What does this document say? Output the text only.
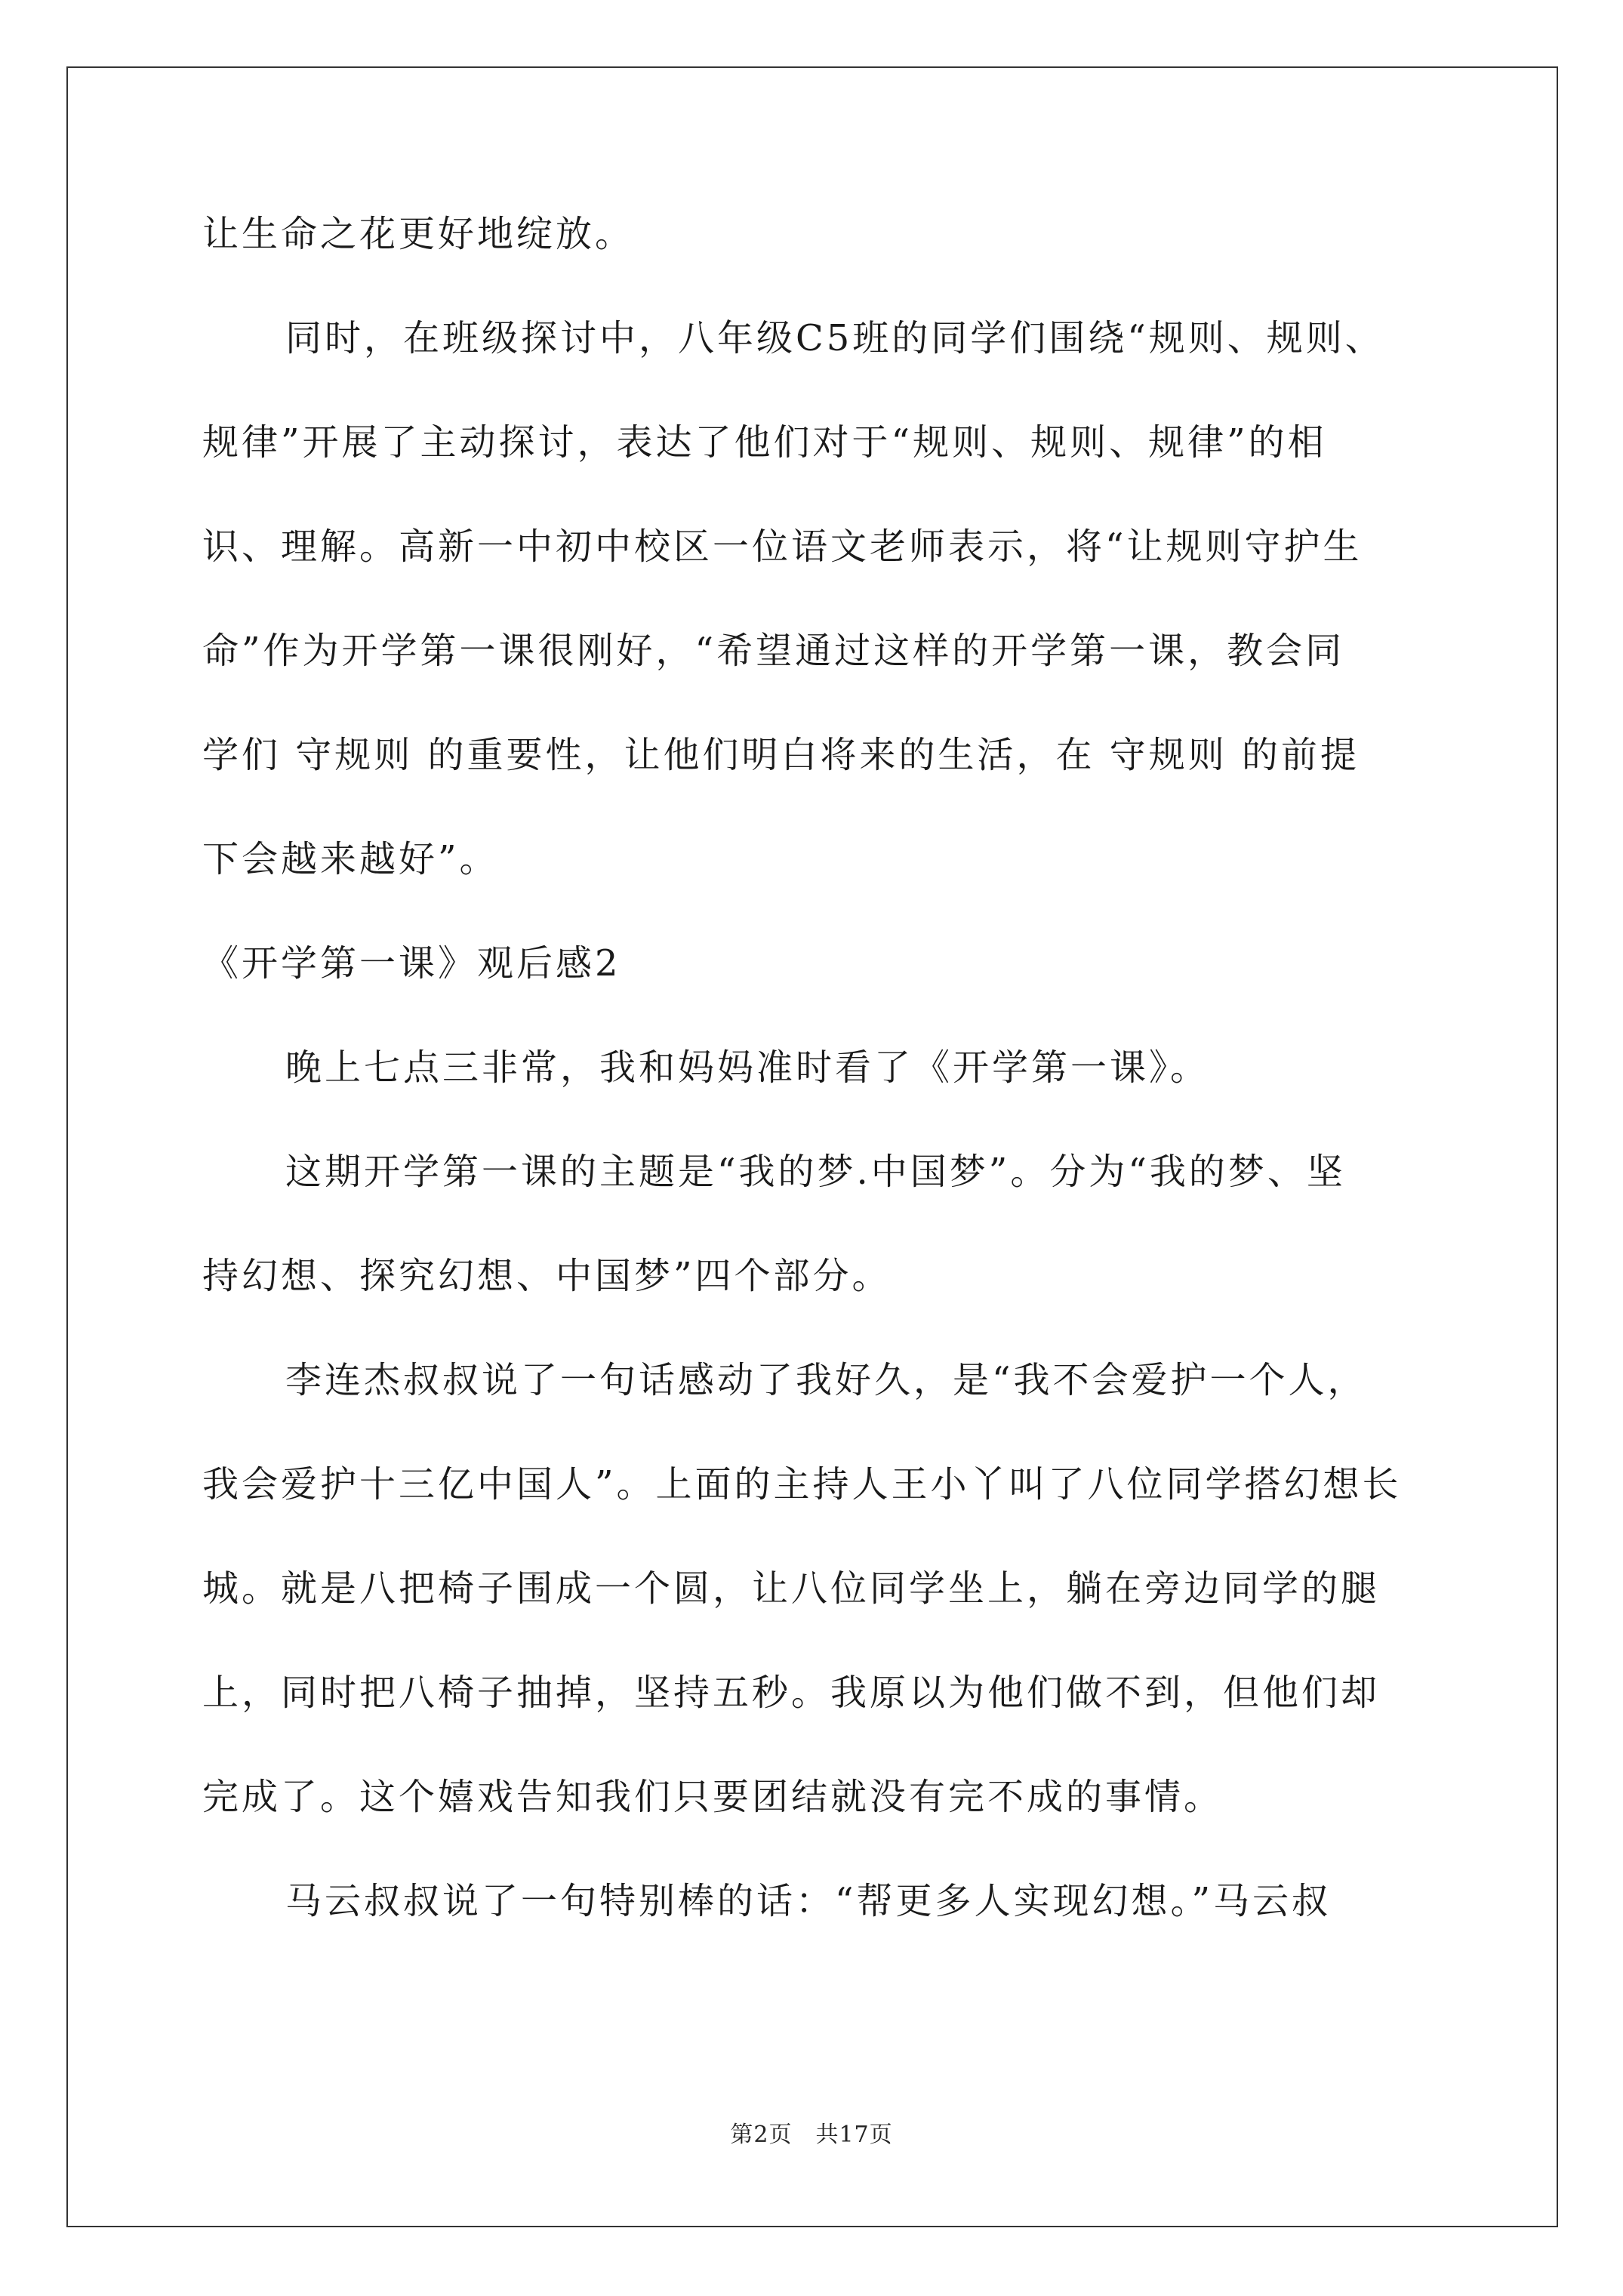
让生命之花更好地绽放。
同时，在班级探讨中，八年级C5班的同学们围绕“规则、规则、
规律”开展了主动探讨，表达了他们对于“规则、规则、规律”的相
识、理解。高新一中初中校区一位语文老师表示，将“让规则守护生
命”作为开学第一课很刚好，“希望通过这样的开学第一课，教会同
学们 守规则 的重要性，让他们明白将来的生活，在 守规则 的前提
下会越来越好”。
《开学第一课》观后感2
晚上七点三非常，我和妈妈准时看了《开学第一课》。
这期开学第一课的主题是“我的梦.中国梦”。分为“我的梦、坚
持幻想、探究幻想、中国梦”四个部分。
李连杰叔叔说了一句话感动了我好久，是“我不会爱护一个人，
我会爱护十三亿中国人”。上面的主持人王小丫叫了八位同学搭幻想长
城。就是八把椅子围成一个圆，让八位同学坐上，躺在旁边同学的腿
上，同时把八椅子抽掉，坚持五秒。我原以为他们做不到，但他们却
完成了。这个嬉戏告知我们只要团结就没有完不成的事情。
马云叔叔说了一句特别棒的话：“帮更多人实现幻想。”马云叔
第2页　共17页
